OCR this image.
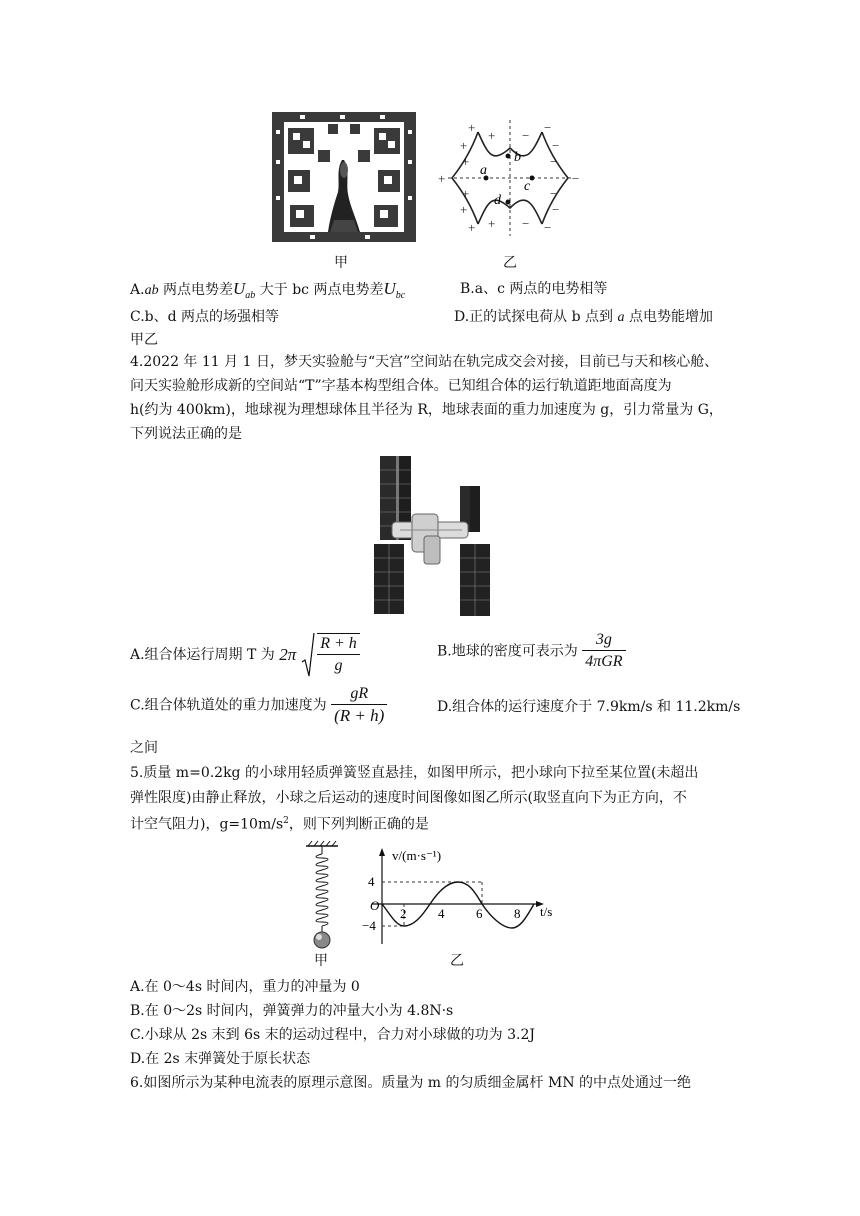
甲
+
+
+
+
+
+
+
+
+
−
−
−
−
−
−
−
−
−
b
a
c
d
乙
A.ab 两点电势差$U_{ab}$ 大于 bc 两点电势差$U_{bc}$	B.a、c 两点的电势相等
C.b、d 两点的场强相等	D.正的试探电荷从 b 点到 a 点电势能增加
甲乙
4.2022 年 11 月 1 日，梦天实验舱与“天宫”空间站在轨完成交会对接，目前已与天和核心舱、
问天实验舱形成新的空间站“T”字基本构型组合体。已知组合体的运行轨道距地面高度为
h(约为 400km)，地球视为理想球体且半径为 R，地球表面的重力加速度为 g，引力常量为 G，
下列说法正确的是
A.组合体运行周期 T 为 $2\pi \frac{R + h}{g}$	B.地球的密度可表示为 $\frac{3g}{\text{4πGR}}$
C.组合体轨道处的重力加速度为 $\frac{gR}{(R + h)}$	D.组合体的运行速度介于 7.9km/s 和 11.2km/s
之间
5.质量 m=0.2kg 的小球用轻质弹簧竖直悬挂，如图甲所示，把小球向下拉至某位置(未超出
弹性限度)由静止释放，小球之后运动的速度时间图像如图乙所示(取竖直向下为正方向，不
计空气阻力)，$g=10m/s^2$，则下列判断正确的是
甲
v/(m·s⁻¹)
t/s
O
4
−4
2 4 6 8
乙
A.在 0～4s 时间内，重力的冲量为 0
B.在 0～2s 时间内，弹簧弹力的冲量大小为 4.8N·s
C.小球从 2s 末到 6s 末的运动过程中，合力对小球做的功为 3.2J
D.在 2s 末弹簧处于原长状态
6.如图所示为某种电流表的原理示意图。质量为 m 的匀质细金属杆 MN 的中点处通过一绝
